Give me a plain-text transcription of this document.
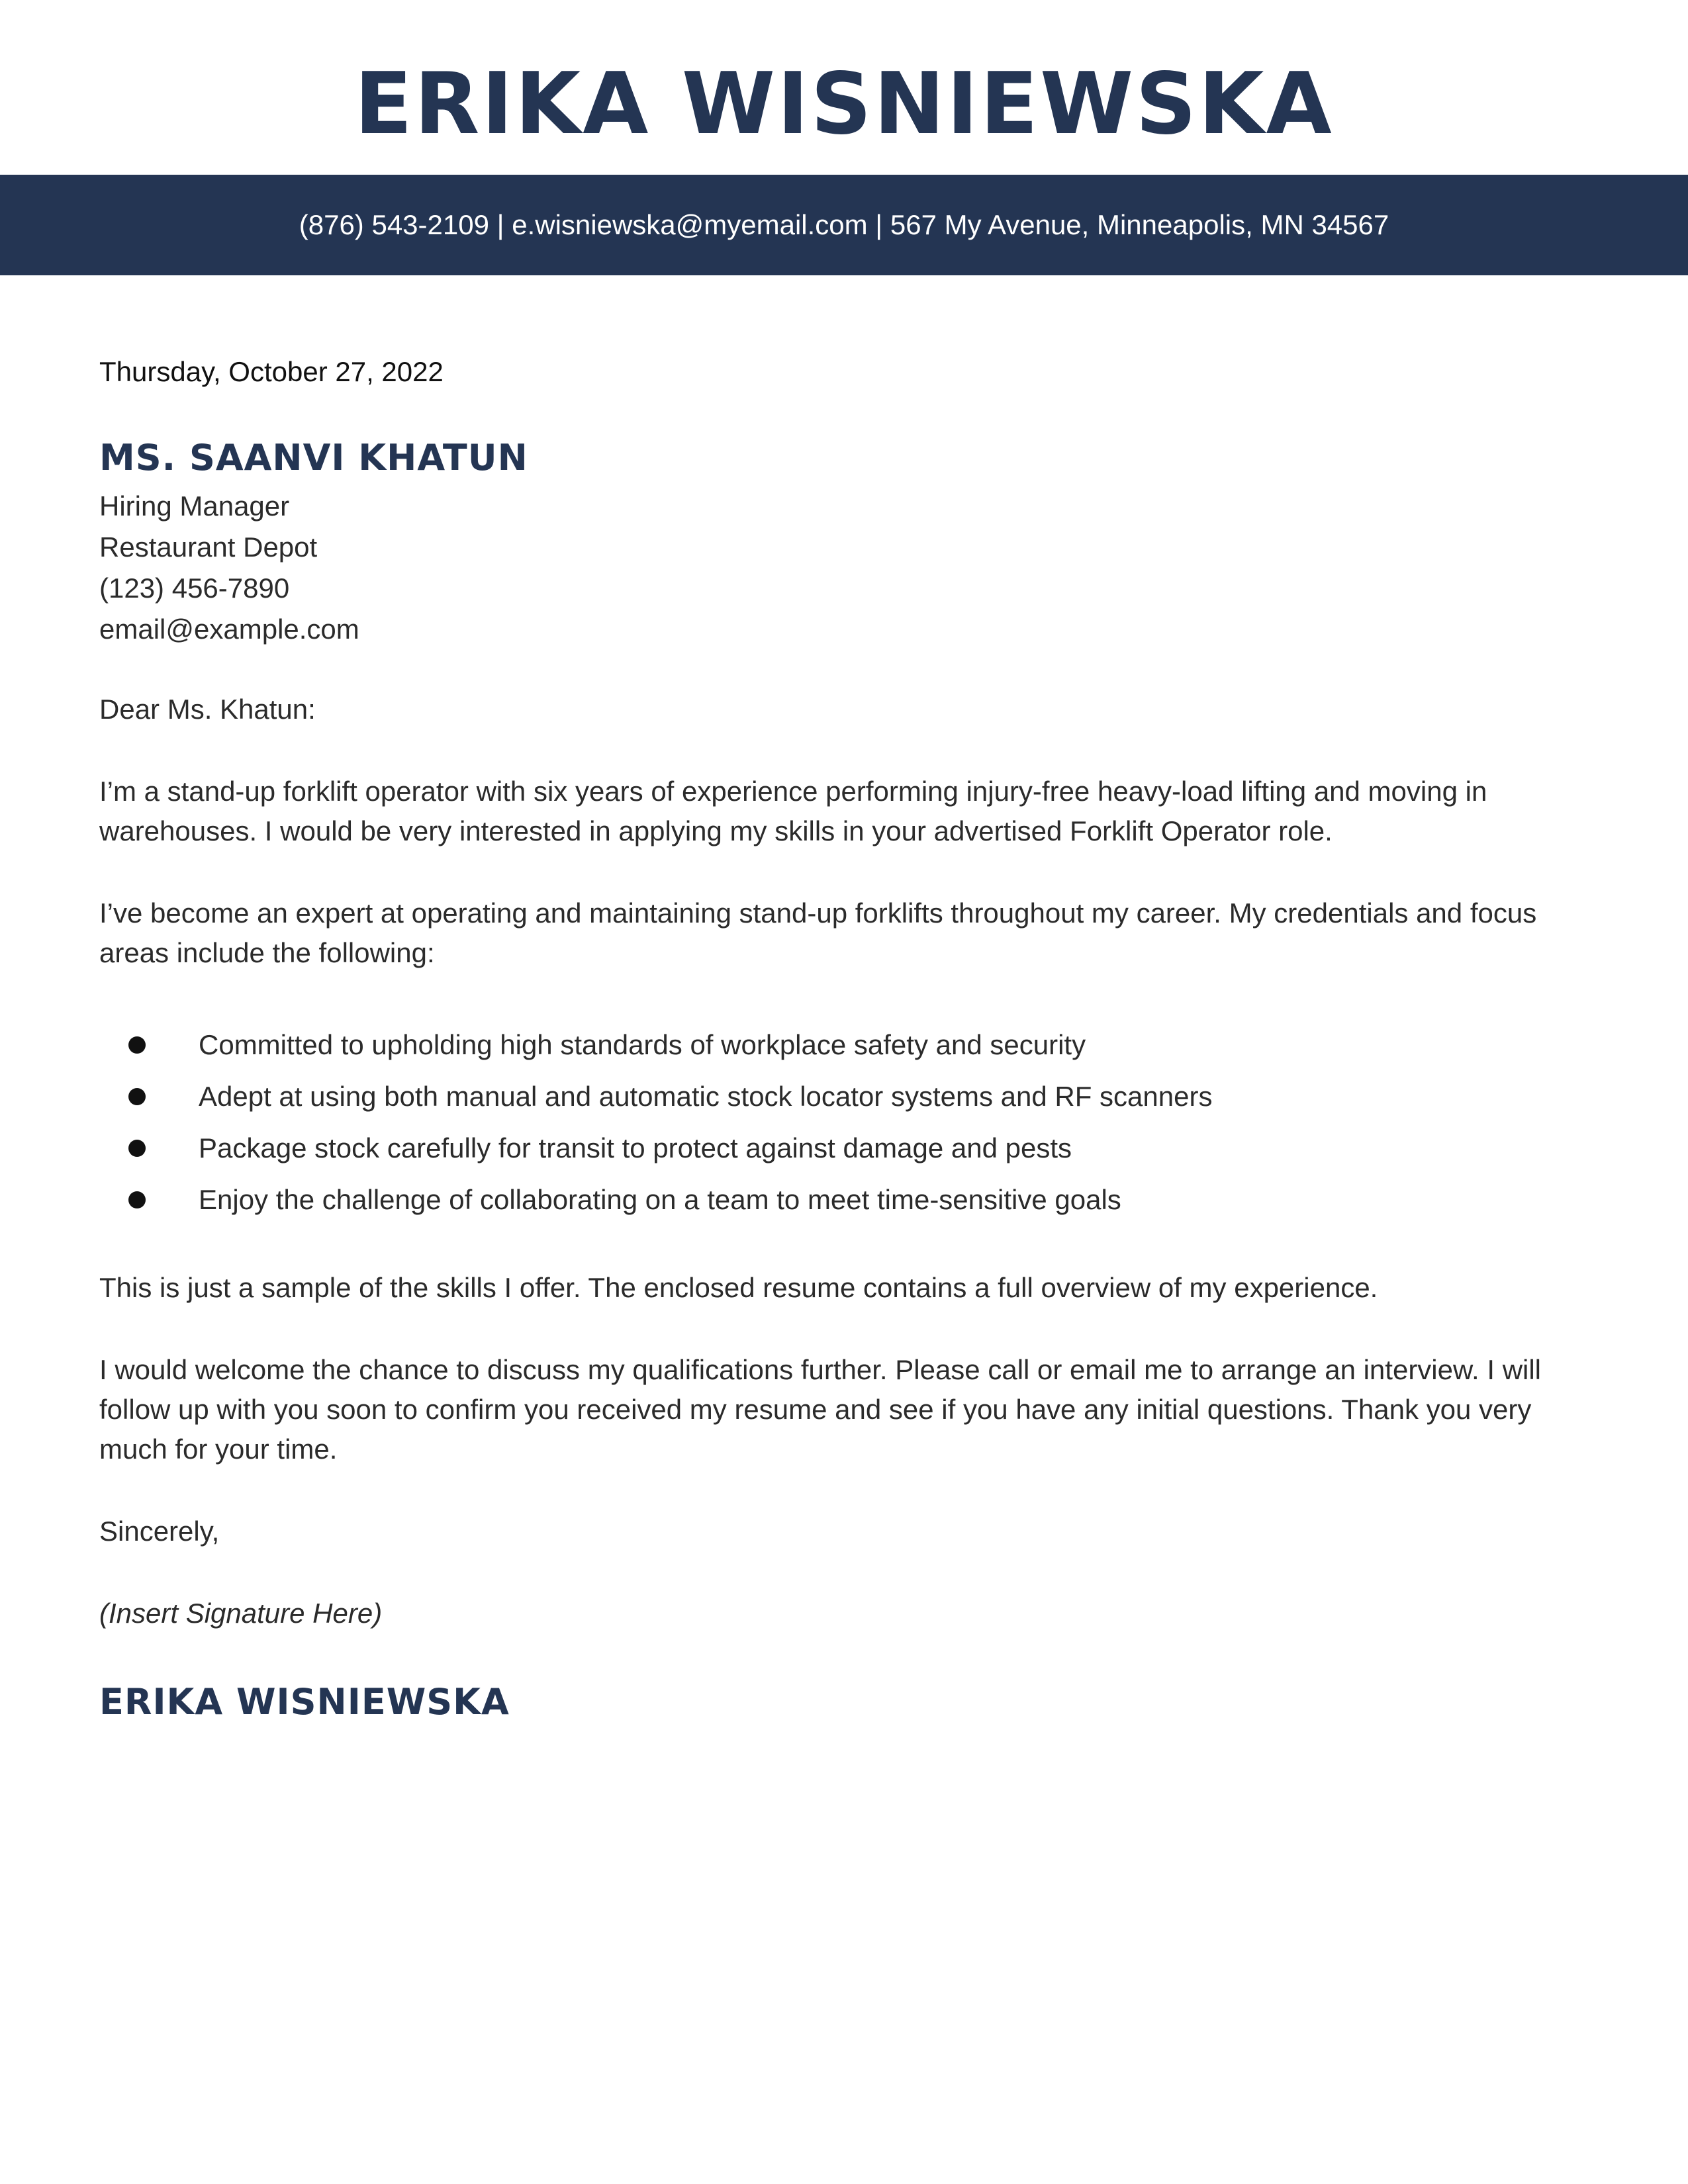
ERIKA WISNIEWSKA
(876) 543-2109 | e.wisniewska@myemail.com | 567 My Avenue, Minneapolis, MN 34567

Thursday, October 27, 2022

MS. SAANVI KHATUN
Hiring Manager
Restaurant Depot
(123) 456-7890
email@example.com
Dear Ms. Khatun:
I’m a stand-up forklift operator with six years of experience performing injury-free heavy-load lifting and moving in warehouses. I would be very interested in applying my skills in your advertised Forklift Operator role.
I’ve become an expert at operating and maintaining stand-up forklifts throughout my career. My credentials and focus areas include the following:
Committed to upholding high standards of workplace safety and security
Adept at using both manual and automatic stock locator systems and RF scanners
Package stock carefully for transit to protect against damage and pests
Enjoy the challenge of collaborating on a team to meet time-sensitive goals
This is just a sample of the skills I offer. The enclosed resume contains a full overview of my experience.
I would welcome the chance to discuss my qualifications further. Please call or email me to arrange an interview. I will follow up with you soon to confirm you received my resume and see if you have any initial questions. Thank you very much for your time.
Sincerely,
(Insert Signature Here)
ERIKA WISNIEWSKA
